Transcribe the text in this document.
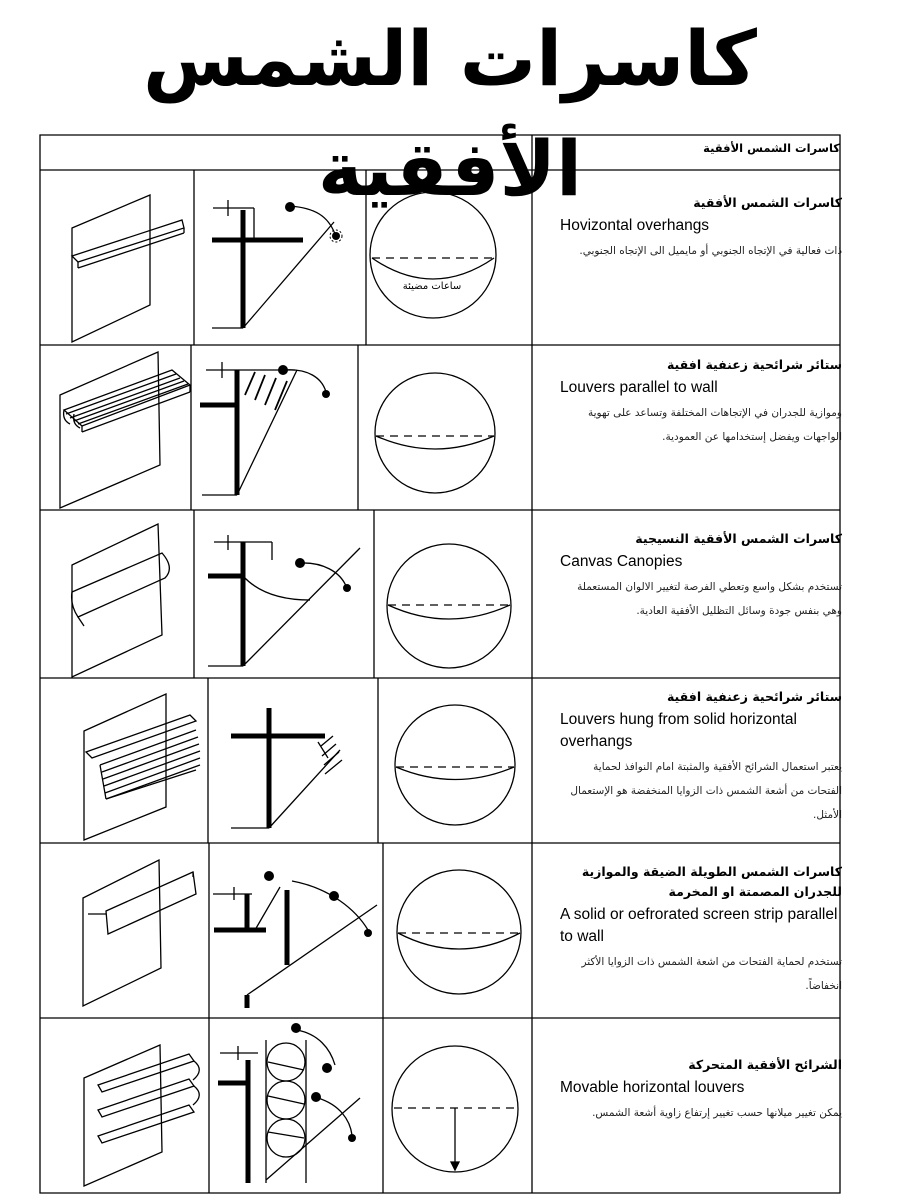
كاسرات الشمس الأفقية	كاسرات الشمس الأفقية
ساعات مضيئة
كاسرات الشمس الأفقية
Hovizontal overhangs
ذات فعالية في الإتجاه الجنوبي أو مايميل الى الإتجاه الجنوبي.
ستائر شرائحية زعنفية افقية
Louvers parallel to wall
وموازية للجدران في الإتجاهات المختلفة وتساعد على تهوية الواجهات ويفضل إستخدامها عن العمودية.
كاسرات الشمس الأفقية النسيجية
Canvas Canopies
تستخدم بشكل واسع وتعطي الفرصة لتغيير الالوان المستعملة وهي بنفس جودة وسائل التظليل الأفقية العادية.
ستائر شرائحية زعنفية افقية
Louvers hung from solid horizontal overhangs
يعتبر استعمال الشرائح الأفقية والمثبتة امام النوافذ لحماية الفتحات من أشعة الشمس ذات الزوايا المنخفضة هو الإستعمال الأمثل.
كاسرات الشمس الطويلة الضيقة والموازية للجدران المصمتة او المخرمة
A solid or oefrorated screen strip parallel to wall
تستخدم لحماية الفتحات من اشعة الشمس ذات الزوايا الأكثر انخفاضاً.
الشرائح الأفقية المتحركة
Movable horizontal louvers
يمكن تغيير ميلانها حسب تغيير إرتفاع زاوية أشعة الشمس.
